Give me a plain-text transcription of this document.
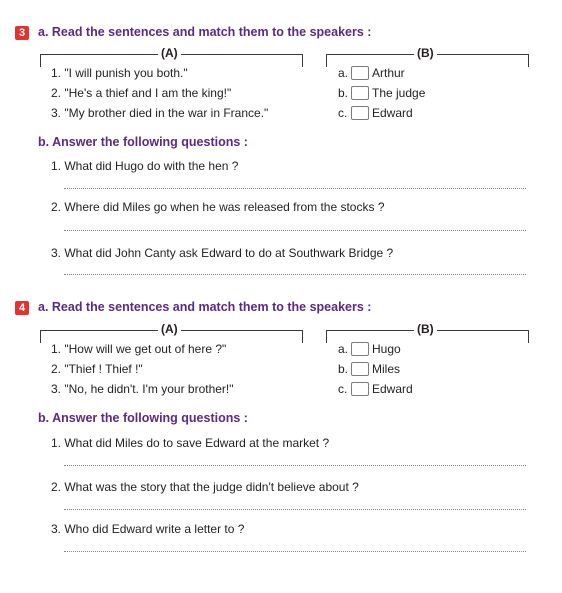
3	a. Read the sentences and match them to the speakers :
(A)	(B)
1. "I will punish you both."
2. "He's a thief and I am the king!"
3. "My brother died in the war in France."
a. Arthur
b. The judge
c. Edward
b. Answer the following questions :
1. What did Hugo do with the hen ?
2. Where did Miles go when he was released from the stocks ?
3. What did John Canty ask Edward to do at Southwark Bridge ?
4	a. Read the sentences and match them to the speakers :
(A)	(B)
1. "How will we get out of here ?"
2. "Thief ! Thief !"
3. "No, he didn't. I'm your brother!"
a. Hugo
b. Miles
c. Edward
b. Answer the following questions :
1. What did Miles do to save Edward at the market ?
2. What was the story that the judge didn't believe about ?
3. Who did Edward write a letter to ?
